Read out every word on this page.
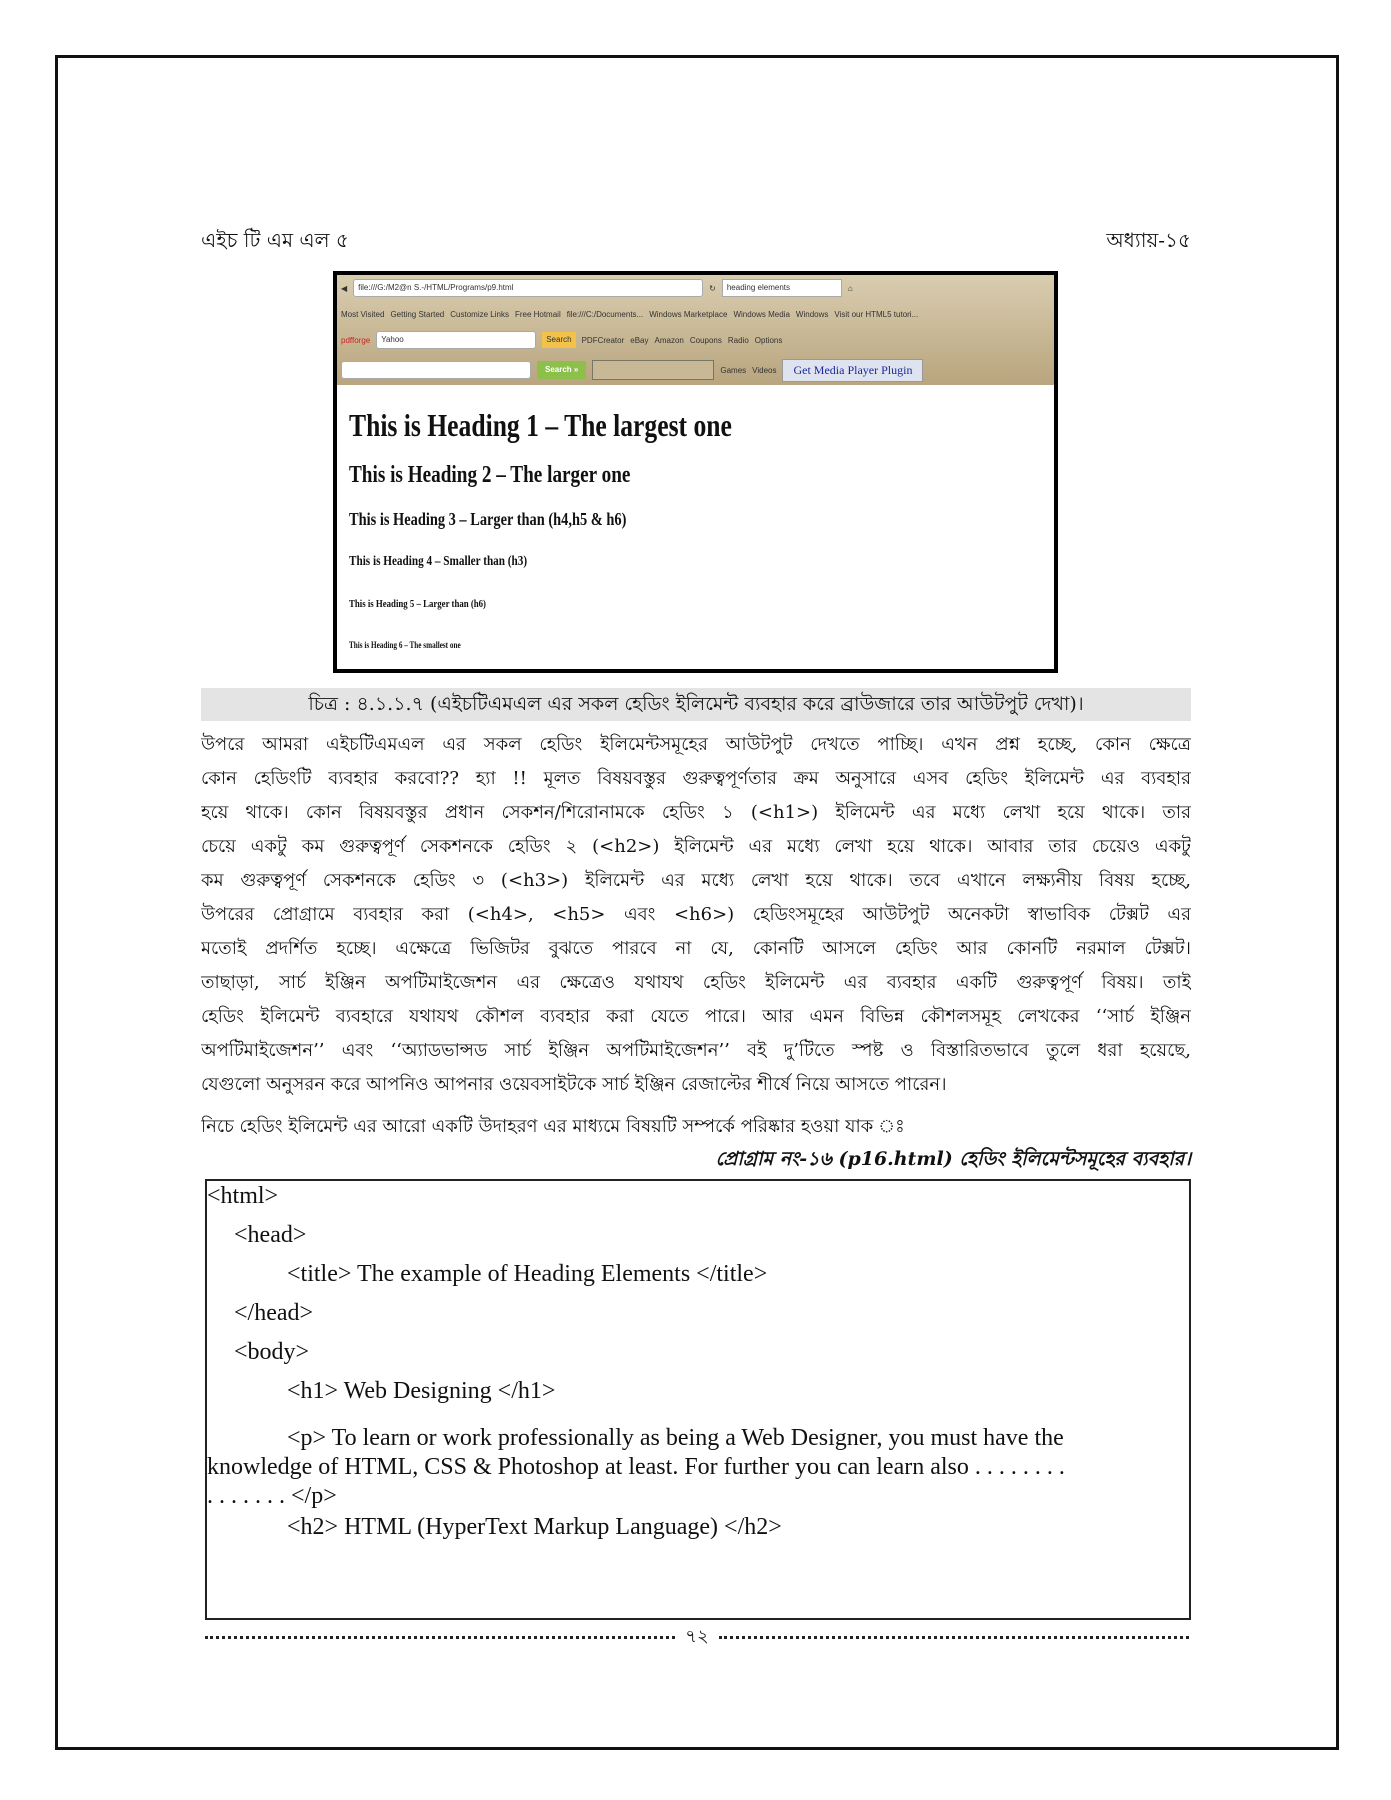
এইচ টি এম এল ৫	অধ্যায়-১৫
◀	file:///G:/M2@n S.-/HTML/Programs/p9.html	↻	heading elements	⌂
Most Visited Getting Started Customize Links Free Hotmail file:///C:/Documents... Windows Marketplace Windows Media Windows Visit our HTML5 tutori...
pdfforge	Yahoo	Search	PDFCreator eBay Amazon Coupons Radio Options
Search »	Games Videos	Get Media Player Plugin
This is Heading 1 – The largest one
This is Heading 2 – The larger one
This is Heading 3 – Larger than (h4,h5 & h6)
This is Heading 4 – Smaller than (h3)
This is Heading 5 – Larger than (h6)
This is Heading 6 – The smallest one
চিত্র : ৪.১.১.৭ (এইচটিএমএল এর সকল হেডিং ইলিমেন্ট ব্যবহার করে ব্রাউজারে তার আউটপুট দেখা)।
উপরে আমরা এইচটিএমএল এর সকল হেডিং ইলিমেন্টসমূহের আউটপুট দেখতে পাচ্ছি। এখন প্রশ্ন হচ্ছে, কোন ক্ষেত্রে
কোন হেডিংটি ব্যবহার করবো?? হ্যা !! মূলত বিষয়বস্তুর গুরুত্বপূর্ণতার ক্রম অনুসারে এসব হেডিং ইলিমেন্ট এর ব্যবহার
হয়ে থাকে। কোন বিষয়বস্তুর প্রধান সেকশন/শিরোনামকে হেডিং ১ (<h1>) ইলিমেন্ট এর মধ্যে লেখা হয়ে থাকে। তার
চেয়ে একটু কম গুরুত্বপূর্ণ সেকশনকে হেডিং ২ (<h2>) ইলিমেন্ট এর মধ্যে লেখা হয়ে থাকে। আবার তার চেয়েও একটু
কম গুরুত্বপূর্ণ সেকশনকে হেডিং ৩ (<h3>) ইলিমেন্ট এর মধ্যে লেখা হয়ে থাকে। তবে এখানে লক্ষ্যনীয় বিষয় হচ্ছে,
উপরের প্রোগ্রামে ব্যবহার করা (<h4>, <h5> এবং <h6>) হেডিংসমূহের আউটপুট অনেকটা স্বাভাবিক টেক্সট এর
মতোই প্রদর্শিত হচ্ছে। এক্ষেত্রে ভিজিটর বুঝতে পারবে না যে, কোনটি আসলে হেডিং আর কোনটি নরমাল টেক্সট।
তাছাড়া, সার্চ ইঞ্জিন অপটিমাইজেশন এর ক্ষেত্রেও যথাযথ হেডিং ইলিমেন্ট এর ব্যবহার একটি গুরুত্বপূর্ণ বিষয়। তাই
হেডিং ইলিমেন্ট ব্যবহারে যথাযথ কৌশল ব্যবহার করা যেতে পারে। আর এমন বিভিন্ন কৌশলসমূহ লেখকের ‘‘সার্চ ইঞ্জিন
অপটিমাইজেশন’’ এবং ‘‘অ্যাডভান্সড সার্চ ইঞ্জিন অপটিমাইজেশন’’ বই দু’টিতে স্পষ্ট ও বিস্তারিতভাবে তুলে ধরা হয়েছে,
যেগুলো অনুসরন করে আপনিও আপনার ওয়েবসাইটকে সার্চ ইঞ্জিন রেজাল্টের শীর্ষে নিয়ে আসতে পারেন।
নিচে হেডিং ইলিমেন্ট এর আরো একটি উদাহরণ এর মাধ্যমে বিষয়টি সম্পর্কে পরিষ্কার হওয়া যাক ঃ
প্রোগ্রাম নং-১৬ (p16.html) হেডিং ইলিমেন্টসমূহের ব্যবহার।
<html>
<head>
<title> The example of Heading Elements </title>
</head>
<body>
<h1> Web Designing </h1>
<p> To learn or work professionally as being a Web Designer, you must have the
knowledge of HTML, CSS & Photoshop at least. For further you can learn also . . . . . . . .
. . . . . . . </p>
<h2> HTML (HyperText Markup Language) </h2>
৭২
